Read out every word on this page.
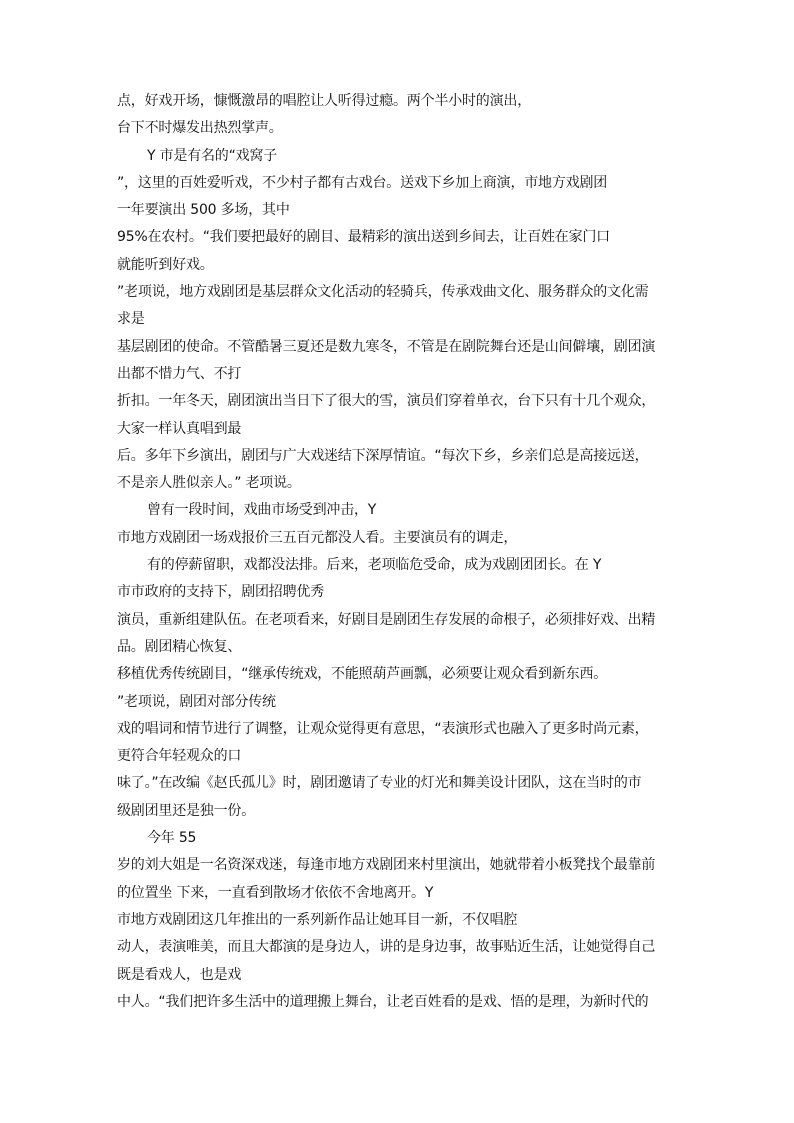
点，好戏开场，慷慨激昂的唱腔让人听得过瘾。两个半小时的演出，
台下不时爆发出热烈掌声。
Y 市是有名的“戏窝子
”，这里的百姓爱听戏，不少村子都有古戏台。送戏下乡加上商演，市地方戏剧团
一年要演出 500 多场，其中
95%在农村。“我们要把最好的剧目、最精彩的演出送到乡间去，让百姓在家门口
就能听到好戏。
”老项说，地方戏剧团是基层群众文化活动的轻骑兵，传承戏曲文化、服务群众的文化需
求是
基层剧团的使命。不管酷暑三夏还是数九寒冬，不管是在剧院舞台还是山间僻壤，剧团演
出都不惜力气、不打
折扣。一年冬天，剧团演出当日下了很大的雪，演员们穿着单衣，台下只有十几个观众，
大家一样认真唱到最
后。多年下乡演出，剧团与广大戏迷结下深厚情谊。“每次下乡，乡亲们总是高接远送，
不是亲人胜似亲人。” 老项说。
曾有一段时间，戏曲市场受到冲击，Y
市地方戏剧团一场戏报价三五百元都没人看。主要演员有的调走，
有的停薪留职，戏都没法排。后来，老项临危受命，成为戏剧团团长。在 Y
市市政府的支持下，剧团招聘优秀
演员，重新组建队伍。在老项看来，好剧目是剧团生存发展的命根子，必须排好戏、出精
品。剧团精心恢复、
移植优秀传统剧目，“继承传统戏，不能照葫芦画瓢，必须要让观众看到新东西。
”老项说，剧团对部分传统
戏的唱词和情节进行了调整，让观众觉得更有意思，“表演形式也融入了更多时尚元素，
更符合年轻观众的口
味了。”在改编《赵氏孤儿》时，剧团邀请了专业的灯光和舞美设计团队，这在当时的市
级剧团里还是独一份。
今年 55
岁的刘大姐是一名资深戏迷，每逢市地方戏剧团来村里演出，她就带着小板凳找个最靠前
的位置坐 下来，一直看到散场才依依不舍地离开。Y
市地方戏剧团这几年推出的一系列新作品让她耳目一新，不仅唱腔
动人，表演唯美，而且大都演的是身边人，讲的是身边事，故事贴近生活，让她觉得自己
既是看戏人，也是戏
中人。“我们把许多生活中的道理搬上舞台，让老百姓看的是戏、悟的是理，为新时代的
